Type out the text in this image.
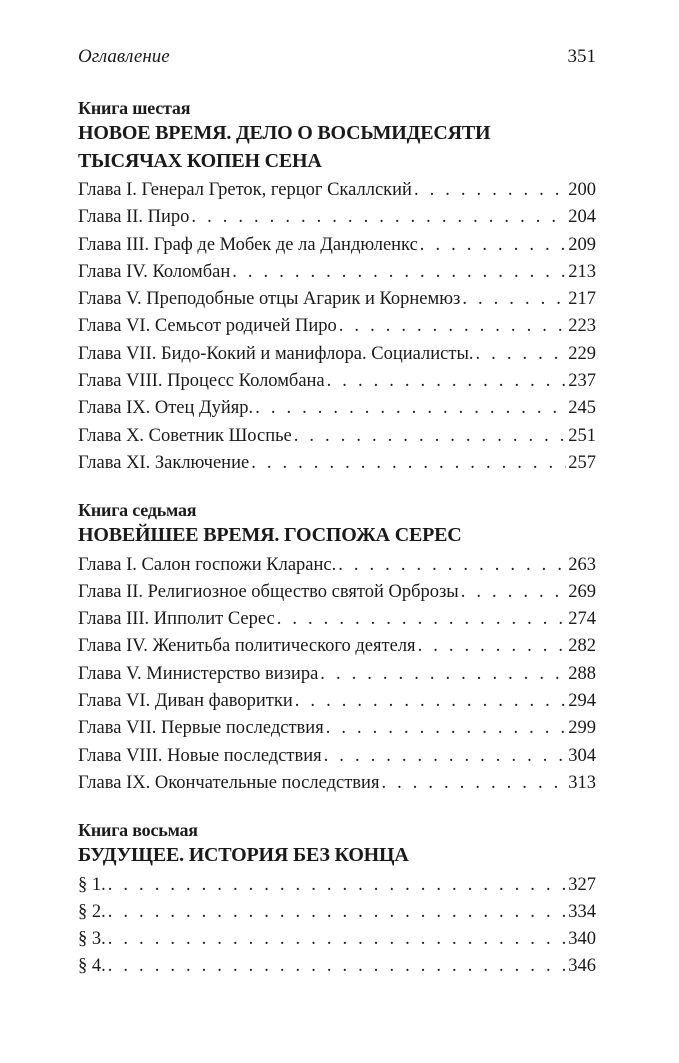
Оглавление	351
Книга шестая
НОВОЕ ВРЕМЯ. ДЕЛО О ВОСЬМИДЕСЯТИ
ТЫСЯЧАХ КОПЕН СЕНА
Глава I. Генерал Греток, герцог Скаллский . . .	200
Глава II. Пиро . . .	204
Глава III. Граф де Мобек де ла Дандюленкс . . .	209
Глава IV. Коломбан . . .	213
Глава V. Преподобные отцы Агарик и Корнемюз . . .	217
Глава VI. Семьсот родичей Пиро . . .	223
Глава VII. Бидо-Кокий и манифлора. Социалисты. . . .	229
Глава VIII. Процесс Коломбана . . .	237
Глава IX. Отец Дуйяр. . . .	245
Глава X. Советник Шоспье . . .	251
Глава XI. Заключение . . .	257
Книга седьмая
НОВЕЙШЕЕ ВРЕМЯ. ГОСПОЖА СЕРЕС
Глава I. Салон госпожи Кларанс. . . .	263
Глава II. Религиозное общество святой Орброзы . . .	269
Глава III. Ипполит Серес . . .	274
Глава IV. Женитьба политического деятеля . . .	282
Глава V. Министерство визира . . .	288
Глава VI. Диван фаворитки . . .	294
Глава VII. Первые последствия . . .	299
Глава VIII. Новые последствия . . .	304
Глава IX. Окончательные последствия . . .	313
Книга восьмая
БУДУЩЕЕ. ИСТОРИЯ БЕЗ КОНЦА
§ 1. . . .	327
§ 2. . . .	334
§ 3. . . .	340
§ 4. . . .	346
